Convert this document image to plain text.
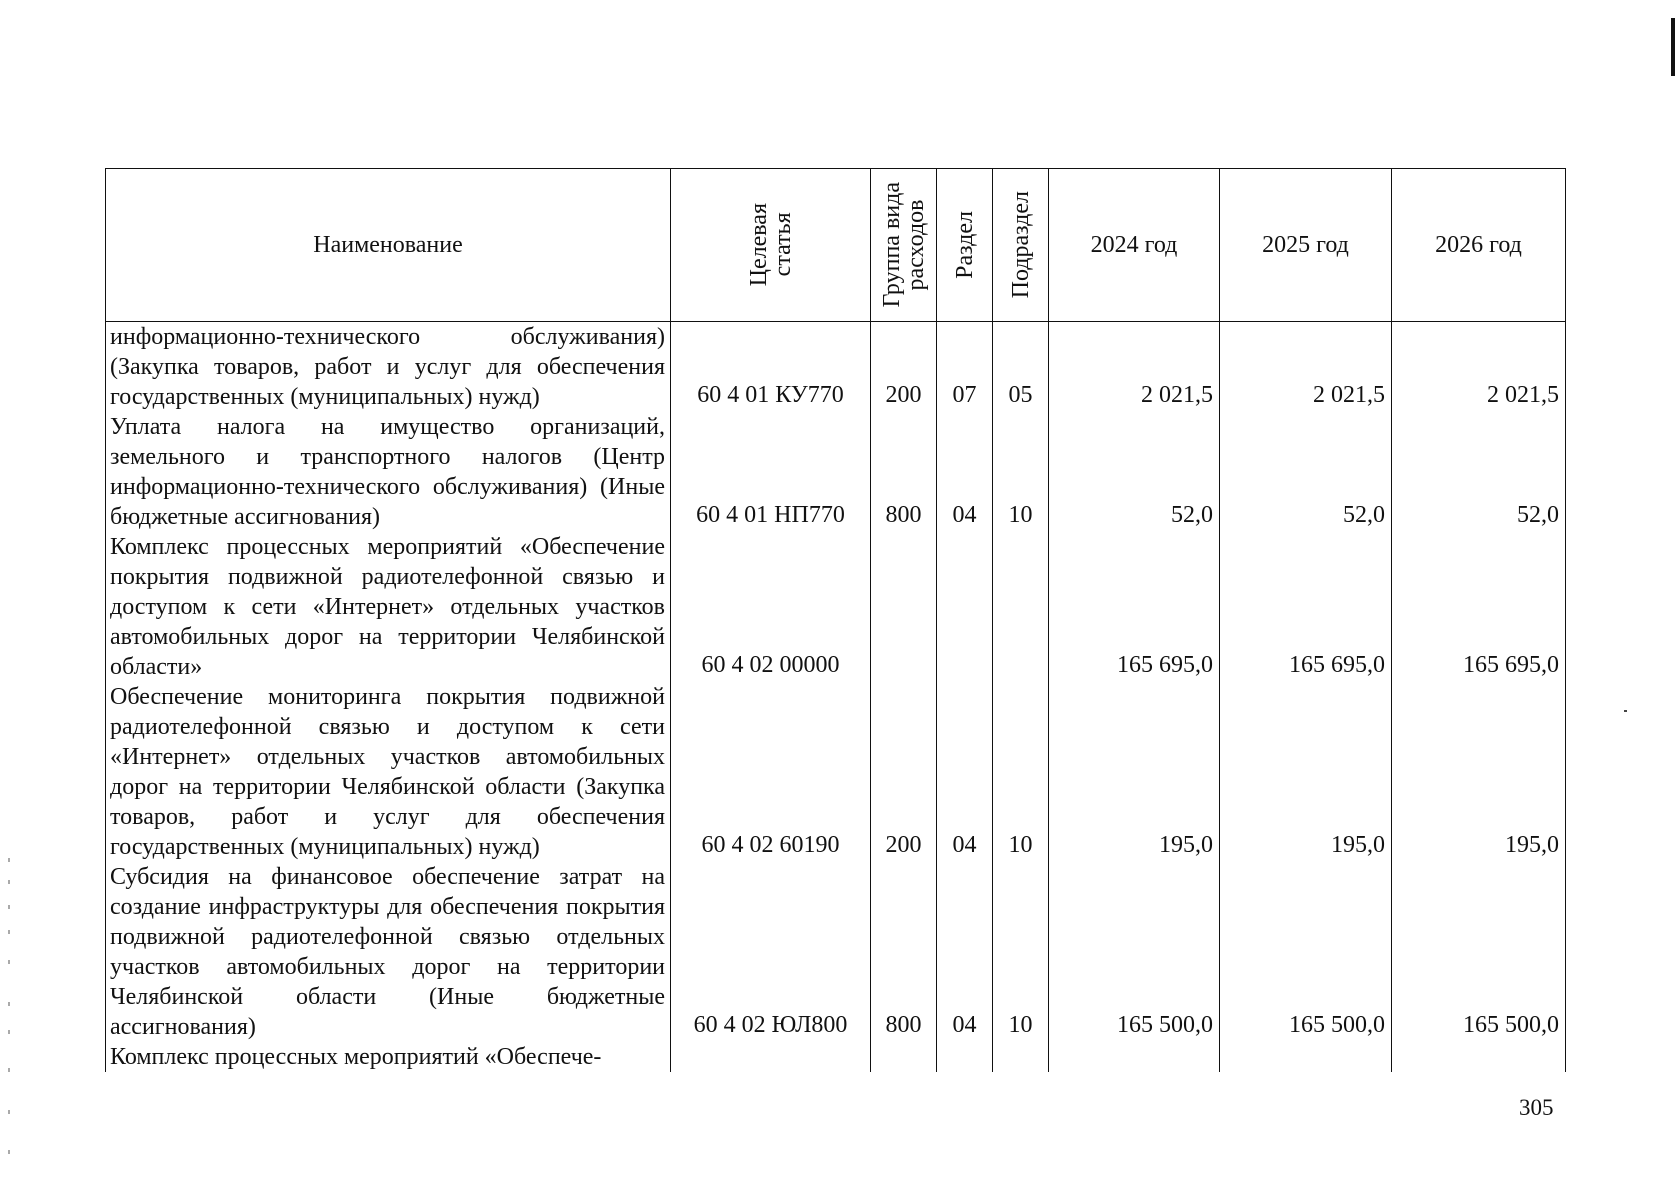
Наименование	Целевая
статья	Группа вида
расходов	Раздел	Подраздел	2024 год	2025 год	2026 год
информационно-технического обслуживания) (Закупка товаров, работ и услуг для обеспечения государственных (муниципальных) нужд)	60 4 01 КУ770	200	07	05	2 021,5	2 021,5	2 021,5
Уплата налога на имущество организаций, земельного и транспортного налогов (Центр информационно-технического обслуживания) (Иные бюджетные ассигнования)	60 4 01 НП770	800	04	10	52,0	52,0	52,0
Комплекс процессных мероприятий «Обеспечение покрытия подвижной радиотелефонной связью и доступом к сети «Интернет» отдельных участков автомобильных дорог на территории Челябинской области»	60 4 02 00000				165 695,0	165 695,0	165 695,0
Обеспечение мониторинга покрытия подвижной радиотелефонной связью и доступом к сети «Интернет» отдельных участков автомобильных дорог на территории Челябинской области (Закупка товаров, работ и услуг для обеспечения государственных (муниципальных) нужд)	60 4 02 60190	200	04	10	195,0	195,0	195,0
Субсидия на финансовое обеспечение затрат на создание инфраструктуры для обеспечения покрытия подвижной радиотелефонной связью отдельных участков автомобильных дорог на территории Челябинской области (Иные бюджетные ассигнования)	60 4 02 ЮЛ800	800	04	10	165 500,0	165 500,0	165 500,0
Комплекс процессных мероприятий «Обеспече-							
305
